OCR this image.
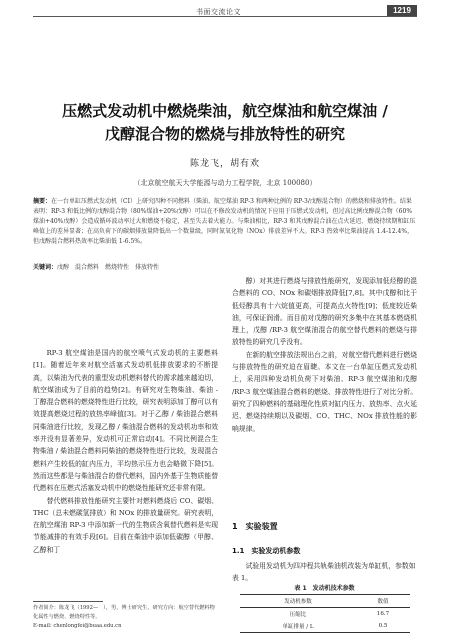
书面交流论文	1219
压燃式发动机中燃烧柴油，航空煤油和航空煤油 /
戊醇混合物的燃烧与排放特性的研究
陈龙飞，胡有欢
（北京航空航天大学能源与动力工程学院，北京 100080）

摘要：在一台单缸压燃式发动机（CI）上研究四种不同燃料（柴油、航空煤油 RP-3 和两种比例的 RP-3/戊醇混合物）的燃烧和排放特性。结果表明：RP-3 和低比例的戊醇混合物（80%煤油+20%戊醇）可以在不修改发动机的情况下应用于压燃式发动机，但过高比例戊醇混合物（60%煤油+40%戊醇）会造成循环波动率过大和燃烧不稳定，甚至失去着火能力。与柴油相比，RP-3 和其戊醇混合油在点火延迟、燃烧持续期和缸压峰值上的差异显著；在高负荷下的碳烟排放量降低出一个数量级，同时氮氧化物（NOx）排放差异不大。RP-3 热效率比柴油提高 1.4-12.4%，但戊醇混合燃料热效率比柴油低 1-6.5%。

关键词：戊醇　混合燃料　燃烧特性　排放特性

RP-3 航空煤油是国内的航空喷气式发动机的主要燃料[1]。随着近年来对航空活塞式发动机低排放要求的不断提高，以柴油为代表的重型发动机燃料替代的需求越来越迫切，航空煤油成为了目前的趋势[2]。有研究对生物柴油、柴油 - 丁醇混合燃料的燃烧特性进行比较，研究表明添加丁醇可以有效提高燃烧过程的放热率峰值[3]。对于乙醇 / 柴油混合燃料同柴油进行比较，发现乙醇 / 柴油混合燃料的发动机功率和效率并没有显著差异，发动机可正常启动[4]。不同比例混合生物柴油 / 柴油混合燃料同柴油的燃烧特性进行比较，发现混合燃料产生较低的缸内压力，平均热示压力也会略微下降[5]。然而这些都是与柴油混合的替代燃料，国内外基于生物质能替代燃料在压燃式活塞发动机中的燃烧性能研究还非常有限。

替代燃料排放性能研究主要针对燃料燃烧后 CO、碳烟、THC（总未燃碳氢排放）和 NOx 的排放量研究。研究表明，在航空煤油 RP-3 中添加新一代的生物质含氧替代燃料是实现节能减排的有效手段[6]。目前在柴油中添加低碳醇（甲醇、乙醇和丁

作者简介：陈龙飞（1992—　），男，博士研究生，研究方向：航空替代燃料物化属性与燃烧、燃烧特性等。
E-mail: chenlongfei@buaa.edu.cn

醇）对其进行燃烧与排放性能研究，发现添加低烃醇的混合燃料的 CO、NOx 和碳烟排放降低[7,8]。其中戊醇和比于低烃醇具有十六烷值更高，可提高点火特性[9]；低度较近柴油，可保证润滑。而目前对戊醇的研究多集中在其基本燃烧机理上，戊醇 /RP-3 航空煤油混合的航空替代燃料的燃烧与排放特性的研究几乎没有。

在新的航空排放法规出台之前，对航空替代燃料进行燃烧与排放特性的研究迫在眉睫。本文在一台单缸压燃式发动机上，采用四种发动机负荷下对柴油、RP-3 航空煤油和戊醇 /RP-3 航空煤油混合燃料的燃烧、排放特性进行了对比分析。研究了四种燃料的基础理化性质对缸内压力、放热率、点火延迟、燃烧持续期以及碳烟、CO、THC、NOx 排放性能的影响规律。

1　实验装置
1.1　实验发动机参数
试验用发动机为四冲程共轨柴油机改装为单缸机，参数如表 1。
表 1　发动机技术参数
发动机参数	数值
压缩比	16.7
单缸排量 / L	0.5
